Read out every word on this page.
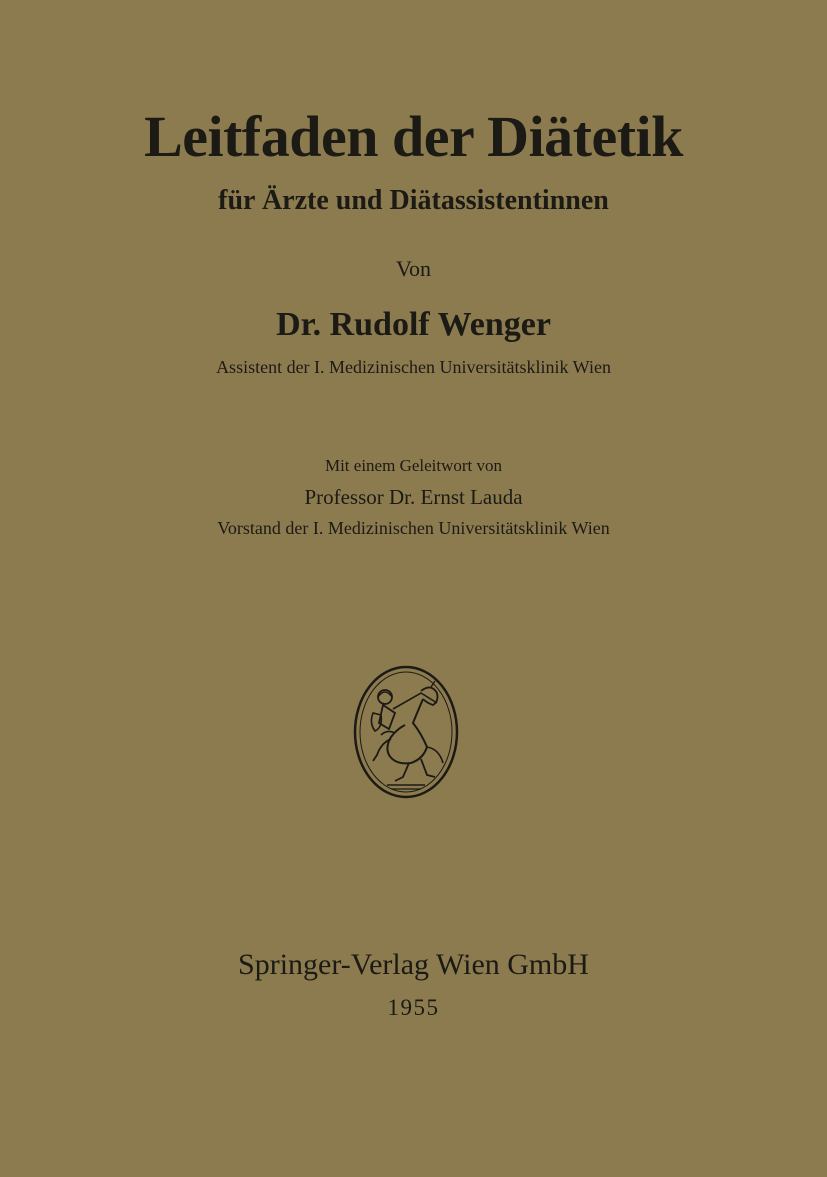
Leitfaden der Diätetik
für Ärzte und Diätassistentinnen
Von
Dr. Rudolf Wenger
Assistent der I. Medizinischen Universitätsklinik Wien
Mit einem Geleitwort von
Professor Dr. Ernst Lauda
Vorstand der I. Medizinischen Universitätsklinik Wien
Springer-Verlag Wien GmbH
1955
